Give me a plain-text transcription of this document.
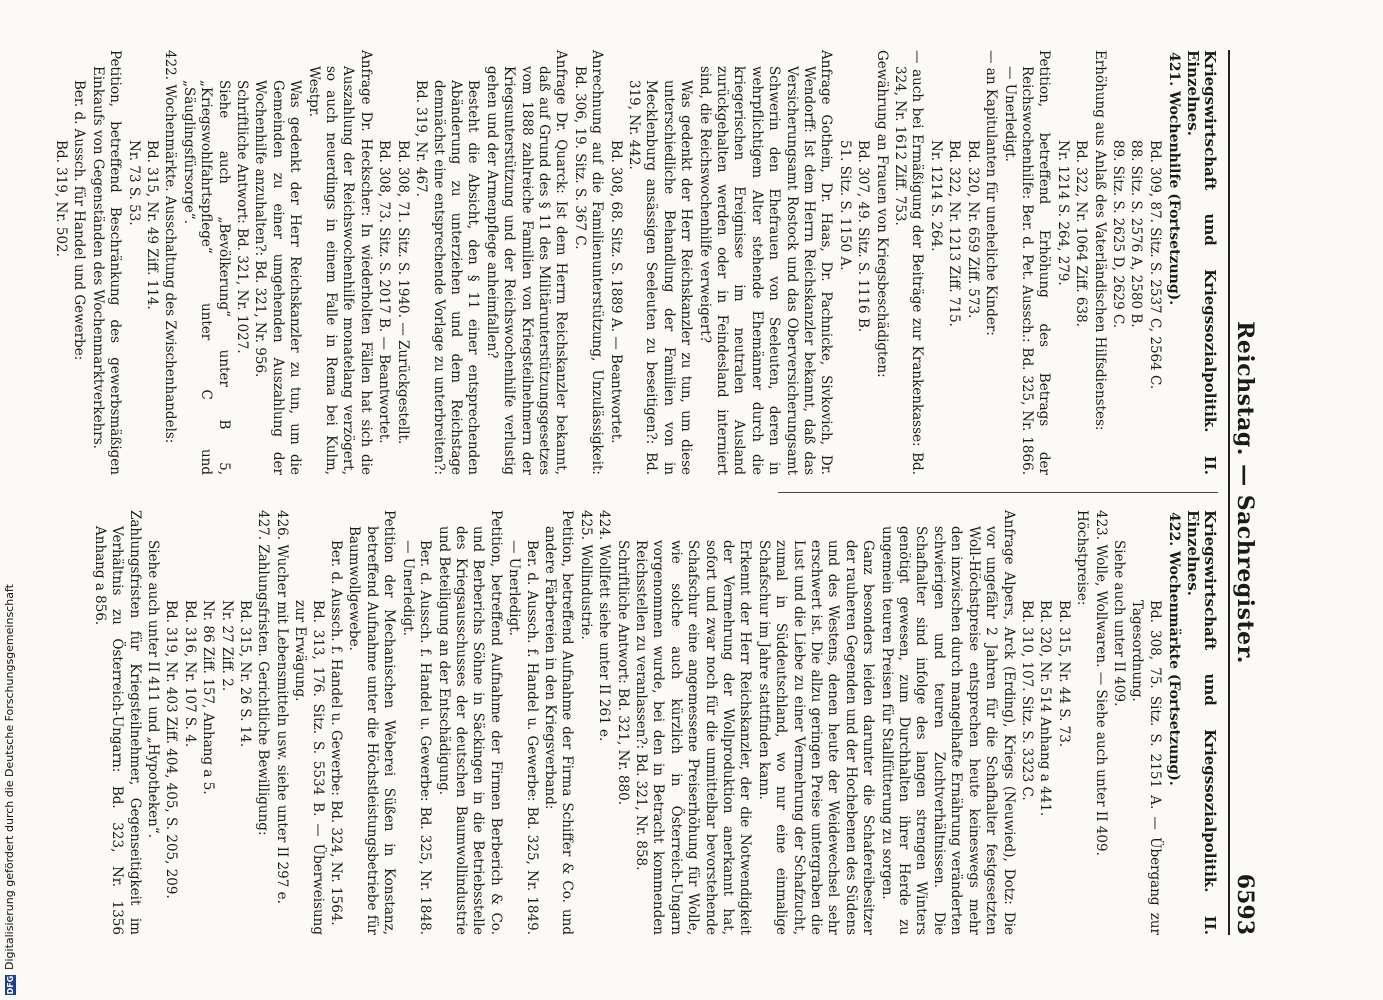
DFGDigitalisierung gefördert durch die Deutsche Forschungsgemeinschaft
Reichstag. — Sachregister.
6593
Kriegswirtschaft und Kriegssozialpolitik. II. Einzelnes.
421. Wochenhilfe (Fortsetzung).
Bd. 309, 87. Sitz. S. 2537 C, 2564 C.
88. Sitz. S. 2576 A, 2580 B.
89. Sitz. S. 2625 D, 2629 C.
Erhöhung aus Anlaß des Vaterländischen Hilfsdienstes:
Bd. 322, Nr. 1064 Ziff. 638.
Nr. 1214 S. 264, 279.
Petition, betreffend Erhöhung des Betrags der Reichswochenhilfe: Ber. d. Pet. Aussch.: Bd. 325, Nr. 1866. — Unerledigt.
— an Kapitulanten für uneheliche Kinder:
Bd. 320, Nr. 659 Ziff. 573.
Bd. 322, Nr. 1213 Ziff. 715.
Nr. 1214 S. 264.
— auch bei Ermäßigung der Beiträge zur Krankenkasse: Bd. 324, Nr. 1612 Ziff. 753.
Gewährung an Frauen von Kriegsbeschädigten:
Bd. 307, 49. Sitz. S. 1116 B.
51. Sitz. S. 1150 A.
Anfrage Gothein, Dr. Haas, Dr. Pachnicke, Sivkovich, Dr. Wendorff: Ist dem Herrn Reichskanzler bekannt, daß das Versicherungsamt Rostock und das Oberversicherungsamt Schwerin den Ehefrauen von Seeleuten, deren in wehrpflichtigem Alter stehende Ehemänner durch die kriegerischen Ereignisse im neutralen Ausland zurückgehalten werden oder in Feindesland interniert sind, die Reichswochenhilfe verweigert?
Was gedenkt der Herr Reichskanzler zu tun, um diese unterschiedliche Behandlung der Familien von in Mecklenburg ansässigen Seeleuten zu beseitigen?: Bd. 319, Nr. 442.
Bd. 308, 68. Sitz. S. 1889 A. — Beantwortet.
Anrechnung auf die Familienunterstützung, Unzulässigkeit: Bd. 306, 19. Sitz. S. 367 C.
Anfrage Dr. Quarck: Ist dem Herrn Reichskanzler bekannt, daß auf Grund des § 11 des Militärunterstützungsgesetzes vom 1888 zahlreiche Familien von Kriegsteilnehmern der Kriegsunterstützung und der Reichswochenhilfe verlustig gehen und der Armenpflege anheimfallen?
Besteht die Absicht, den § 11 einer entsprechenden Abänderung zu unterziehen und dem Reichstage demnächst eine entsprechende Vorlage zu unterbreiten?: Bd. 319, Nr. 467.
Bd. 308, 71. Sitz. S. 1940. — Zurückgestellt.
Bd. 308, 73. Sitz. S. 2017 B. — Beantwortet.
Anfrage Dr. Heckscher: In wiederholten Fällen hat sich die Auszahlung der Reichswochenhilfe monatelang verzögert, so auch neuerdings in einem Falle in Rema bei Kulm, Westpr.
Was gedenkt der Herr Reichskanzler zu tun, um die Gemeinden zu einer umgehenden Auszahlung der Wochenhilfe anzuhalten?: Bd. 321, Nr. 956.
Schriftliche Antwort: Bd. 321, Nr. 1027.
Siehe auch „Bevölkerung“ unter B 5, „Kriegswohlfahrtspflege“ unter C und „Säuglingsfürsorge“.
422. Wochenmärkte. Ausschaltung des Zwischenhandels:
Bd. 315, Nr. 49 Ziff. 114.
Nr. 73 S. 53.
Petition, betreffend Beschränkung des gewerbsmäßigen Einkaufs von Gegenständen des Wochenmarktverkehrs.
Ber. d. Aussch. für Handel und Gewerbe:
Bd. 319, Nr. 502.
Kriegswirtschaft und Kriegssozialpolitik. II. Einzelnes.
422. Wochenmärkte (Fortsetzung).
Bd. 308, 75. Sitz. S. 2151 A. — Übergang zur Tagesordnung.
Siehe auch unter II 409.
423. Wolle, Wollwaren. — Siehe auch unter II 409.
Höchstpreise:
Bd. 315, Nr. 44 S. 73.
Bd. 320, Nr. 514 Anhang a 441.
Bd. 310, 107. Sitz. S. 3323 C.
Anfrage Alpers, Arck (Erding), Kriegs (Neuwied), Dotz: Die vor ungefähr 2 Jahren für die Schafhalter festgesetzten Woll-Höchstpreise entsprechen heute keineswegs mehr den inzwischen durch mangelhafte Ernährung veränderten schwierigen und teuren Zuchtverhältnissen. Die Schafhalter sind infolge des langen strengen Winters genötigt gewesen, zum Durchhalten ihrer Herde zu ungemein teuren Preisen für Stallfütterung zu sorgen.
Ganz besonders leiden darunter die Schafereibesitzer der rauheren Gegenden und der Hochebenen des Südens und des Westens, denen heute der Weidewechsel sehr erschwert ist. Die allzu geringen Preise untergraben die Lust und die Liebe zu einer Vermehrung der Schafzucht, zumal in Süddeutschland, wo nur eine einmalige Schafschur im Jahre stattfinden kann.
Erkennt der Herr Reichskanzler, der die Notwendigkeit der Vermehrung der Wollproduktion anerkannt hat, sofort und zwar noch für die unmittelbar bevorstehende Schafschur eine angemessene Preiserhöhung für Wolle, wie solche auch kürzlich in Österreich-Ungarn vorgenommen wurde, bei den in Betracht kommenden Reichsstellen zu veranlassen?: Bd. 321, Nr. 858.
Schriftliche Antwort: Bd. 321, Nr. 880.
424. Wollfett siehe unter II 261 e.
425. Wollindustrie.
Petition, betreffend Aufnahme der Firma Schiffer & Co. und andere Färbereien in den Kriegsverband:
Ber. d. Aussch. f. Handel u. Gewerbe: Bd. 325, Nr. 1849. — Unerledigt.
Petition, betreffend Aufnahme der Firmen Berberich & Co. und Berberichs Söhne in Säckingen in die Betriebsstelle des Kriegsausschusses der deutschen Baumwollindustrie und Beteiligung an der Entschädigung.
Ber. d. Aussch. f. Handel u. Gewerbe: Bd. 325, Nr. 1848. — Unerledigt.
Petition der Mechanischen Weberei Süßen in Konstanz, betreffend Aufnahme unter die Höchstleistungsbetriebe für Baumwollgewebe.
Ber. d. Aussch. f. Handel u. Gewerbe: Bd. 324, Nr. 1564.
Bd. 313, 176. Sitz. S. 5534 B. — Überweisung zur Erwägung.
426. Wucher mit Lebensmitteln usw. siehe unter II 297 e.
427. Zahlungsfristen. Gerichtliche Bewilligung:
Bd. 315, Nr. 26 S. 14.
Nr. 27 Ziff. 2.
Nr. 86 Ziff. 157, Anhang a 5.
Bd. 316, Nr. 107 S. 4.
Bd. 319, Nr. 403 Ziff. 404, 405, S. 205, 209.
Siehe auch unter II 411 und „Hypotheken“.
Zahlungsfristen für Kriegsteilnehmer, Gegenseitigkeit im Verhältnis zu Österreich-Ungarn: Bd. 323, Nr. 1356 Anhang a 856.
